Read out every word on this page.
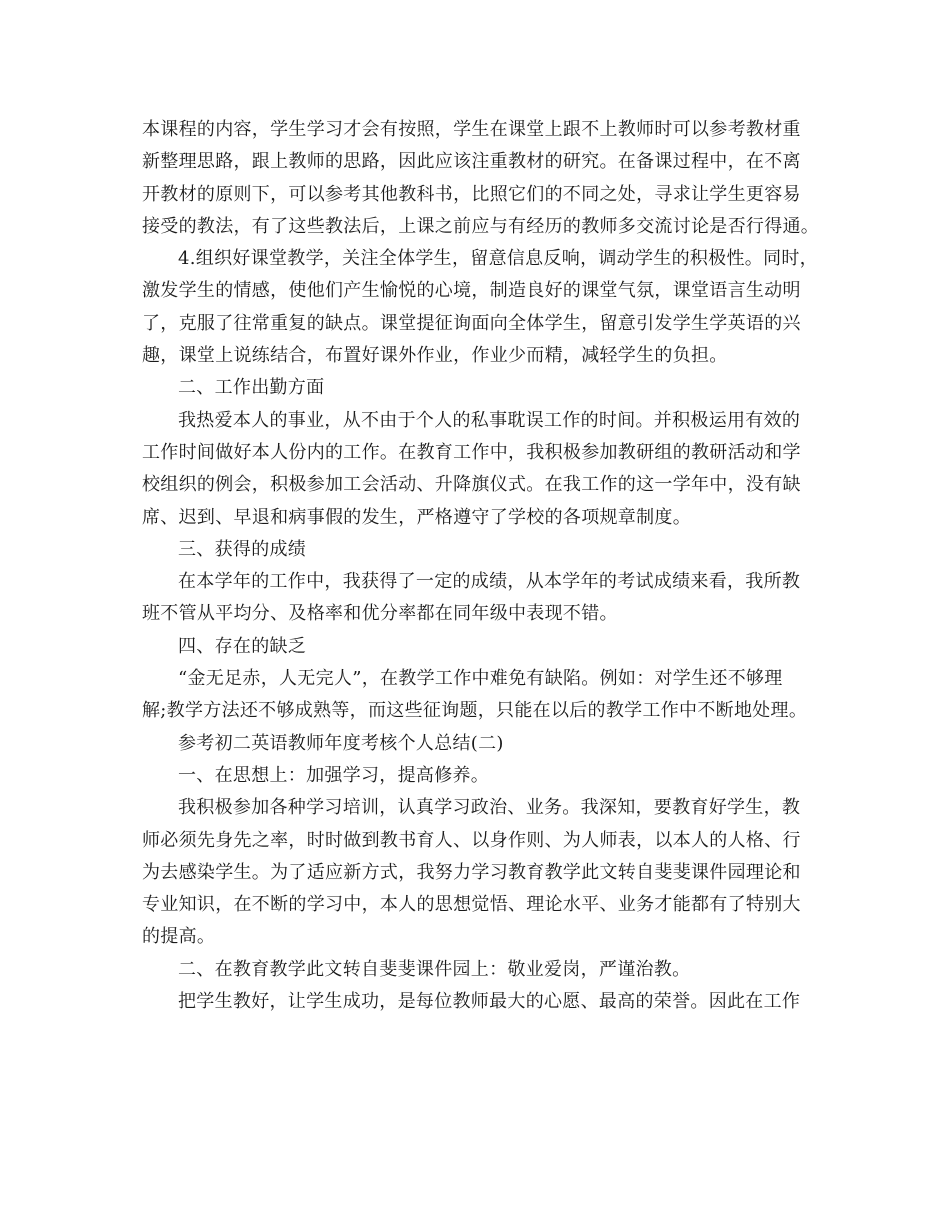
本课程的内容，学生学习才会有按照，学生在课堂上跟不上教师时可以参考教材重
新整理思路，跟上教师的思路，因此应该注重教材的研究。在备课过程中，在不离
开教材的原则下，可以参考其他教科书，比照它们的不同之处，寻求让学生更容易
接受的教法，有了这些教法后，上课之前应与有经历的教师多交流讨论是否行得通。
4.组织好课堂教学，关注全体学生，留意信息反响，调动学生的积极性。同时，
激发学生的情感，使他们产生愉悦的心境，制造良好的课堂气氛，课堂语言生动明
了，克服了往常重复的缺点。课堂提征询面向全体学生，留意引发学生学英语的兴
趣，课堂上说练结合，布置好课外作业，作业少而精，减轻学生的负担。
二、工作出勤方面
我热爱本人的事业，从不由于个人的私事耽误工作的时间。并积极运用有效的
工作时间做好本人份内的工作。在教育工作中，我积极参加教研组的教研活动和学
校组织的例会，积极参加工会活动、升降旗仪式。在我工作的这一学年中，没有缺
席、迟到、早退和病事假的发生，严格遵守了学校的各项规章制度。
三、获得的成绩
在本学年的工作中，我获得了一定的成绩，从本学年的考试成绩来看，我所教
班不管从平均分、及格率和优分率都在同年级中表现不错。
四、存在的缺乏
“金无足赤，人无完人”，在教学工作中难免有缺陷。例如：对学生还不够理
解;教学方法还不够成熟等，而这些征询题，只能在以后的教学工作中不断地处理。
参考初二英语教师年度考核个人总结(二)
一、在思想上：加强学习，提高修养。
我积极参加各种学习培训，认真学习政治、业务。我深知，要教育好学生，教
师必须先身先之率，时时做到教书育人、以身作则、为人师表，以本人的人格、行
为去感染学生。为了适应新方式，我努力学习教育教学此文转自斐斐课件园理论和
专业知识，在不断的学习中，本人的思想觉悟、理论水平、业务才能都有了特别大
的提高。
二、在教育教学此文转自斐斐课件园上：敬业爱岗，严谨治教。
把学生教好，让学生成功，是每位教师最大的心愿、最高的荣誉。因此在工作
